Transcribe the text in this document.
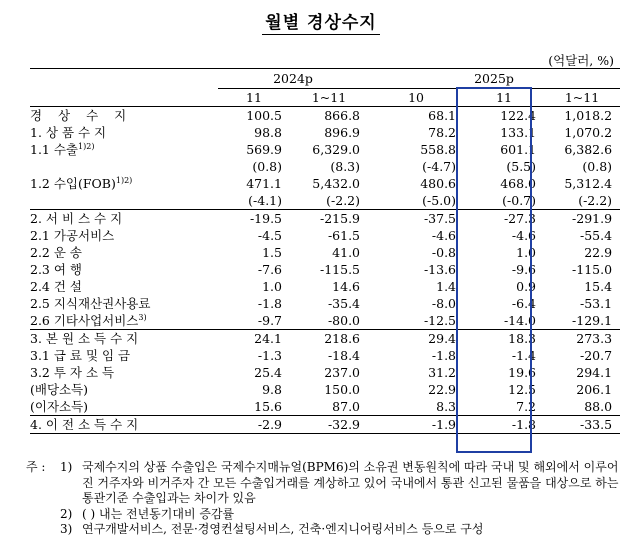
월별 경상수지
(억달러, %)
	2024p		2025p		
	11	1~11	10	11	1~11
경 상 수 지	100.5	866.8	68.1	122.4	1,018.2
1. 상 품 수 지	98.8	896.9	78.2	133.1	1,070.2
1.1 수출$^{1)2)}$	569.9	6,329.0	558.8	601.1	6,382.6
	(0.8)	(8.3)	(-4.7)	(5.5)	(0.8)
1.2 수입(FOB)$^{1)2)}$	471.1	5,432.0	480.6	468.0	5,312.4
	(-4.1)	(-2.2)	(-5.0)	(-0.7)	(-2.2)
2. 서 비 스 수 지	-19.5	-215.9	-37.5	-27.3	-291.9
2.1 가공서비스	-4.5	-61.5	-4.6	-4.6	-55.4
2.2 운 송	1.5	41.0	-0.8	1.0	22.9
2.3 여 행	-7.6	-115.5	-13.6	-9.6	-115.0
2.4 건 설	1.0	14.6	1.4	0.9	15.4
2.5 지식재산권사용료	-1.8	-35.4	-8.0	-6.4	-53.1
2.6 기타사업서비스$^{3)}$	-9.7	-80.0	-12.5	-14.0	-129.1
3. 본 원 소 득 수 지	24.1	218.6	29.4	18.3	273.3
3.1 급 료 및 임 금	-1.3	-18.4	-1.8	-1.4	-20.7
3.2 투 자 소 득	25.4	237.0	31.2	19.6	294.1
(배당소득)	9.8	150.0	22.9	12.5	206.1
(이자소득)	15.6	87.0	8.3	7.2	88.0
4. 이 전 소 득 수 지	-2.9	-32.9	-1.9	-1.8	-33.5
주 :	1) 국제수지의 상품 수출입은 국제수지매뉴얼(BPM6)의 소유권 변동원칙에 따라 국내 및 해외에서 이루어진 거주자와 비거주자 간 모든 수출입거래를 계상하고 있어 국내에서 통관 신고된 물품을 대상으로 하는 통관기준 수출입과는 차이가 있음
2) ( ) 내는 전년동기대비 증감률
3) 연구개발서비스, 전문·경영컨설팅서비스, 건축·엔지니어링서비스 등으로 구성
